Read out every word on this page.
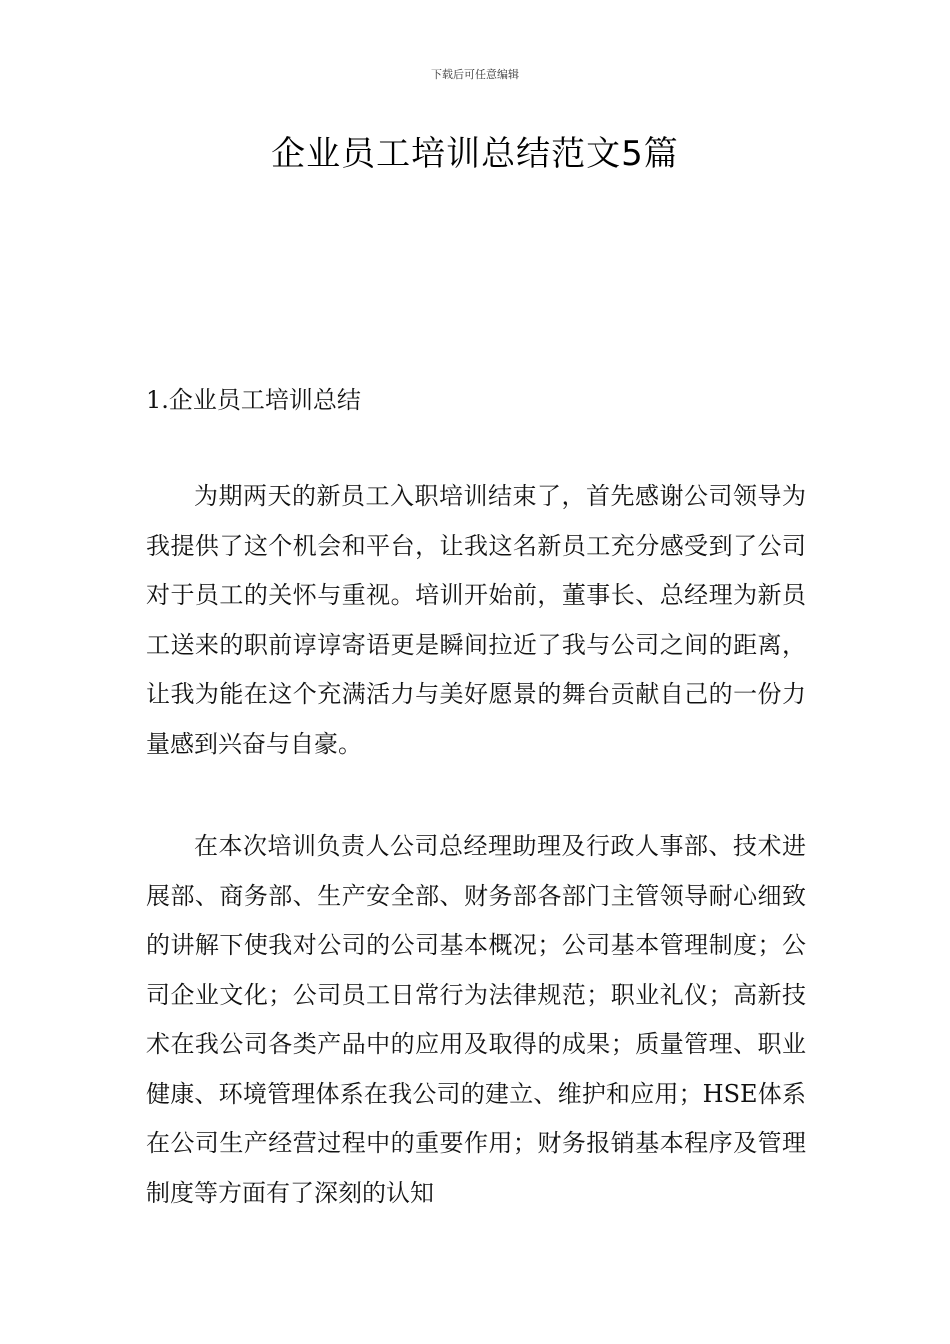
下载后可任意编辑
企业员工培训总结范文5篇
1.企业员工培训总结

为期两天的新员工入职培训结束了，首先感谢公司领导为我提供了这个机会和平台，让我这名新员工充分感受到了公司对于员工的关怀与重视。培训开始前，董事长、总经理为新员工送来的职前谆谆寄语更是瞬间拉近了我与公司之间的距离，让我为能在这个充满活力与美好愿景的舞台贡献自己的一份力量感到兴奋与自豪。

在本次培训负责人公司总经理助理及行政人事部、技术进展部、商务部、生产安全部、财务部各部门主管领导耐心细致的讲解下使我对公司的公司基本概况；公司基本管理制度；公司企业文化；公司员工日常行为法律规范；职业礼仪；高新技术在我公司各类产品中的应用及取得的成果；质量管理、职业健康、环境管理体系在我公司的建立、维护和应用；HSE体系在公司生产经营过程中的重要作用；财务报销基本程序及管理制度等方面有了深刻的认知
